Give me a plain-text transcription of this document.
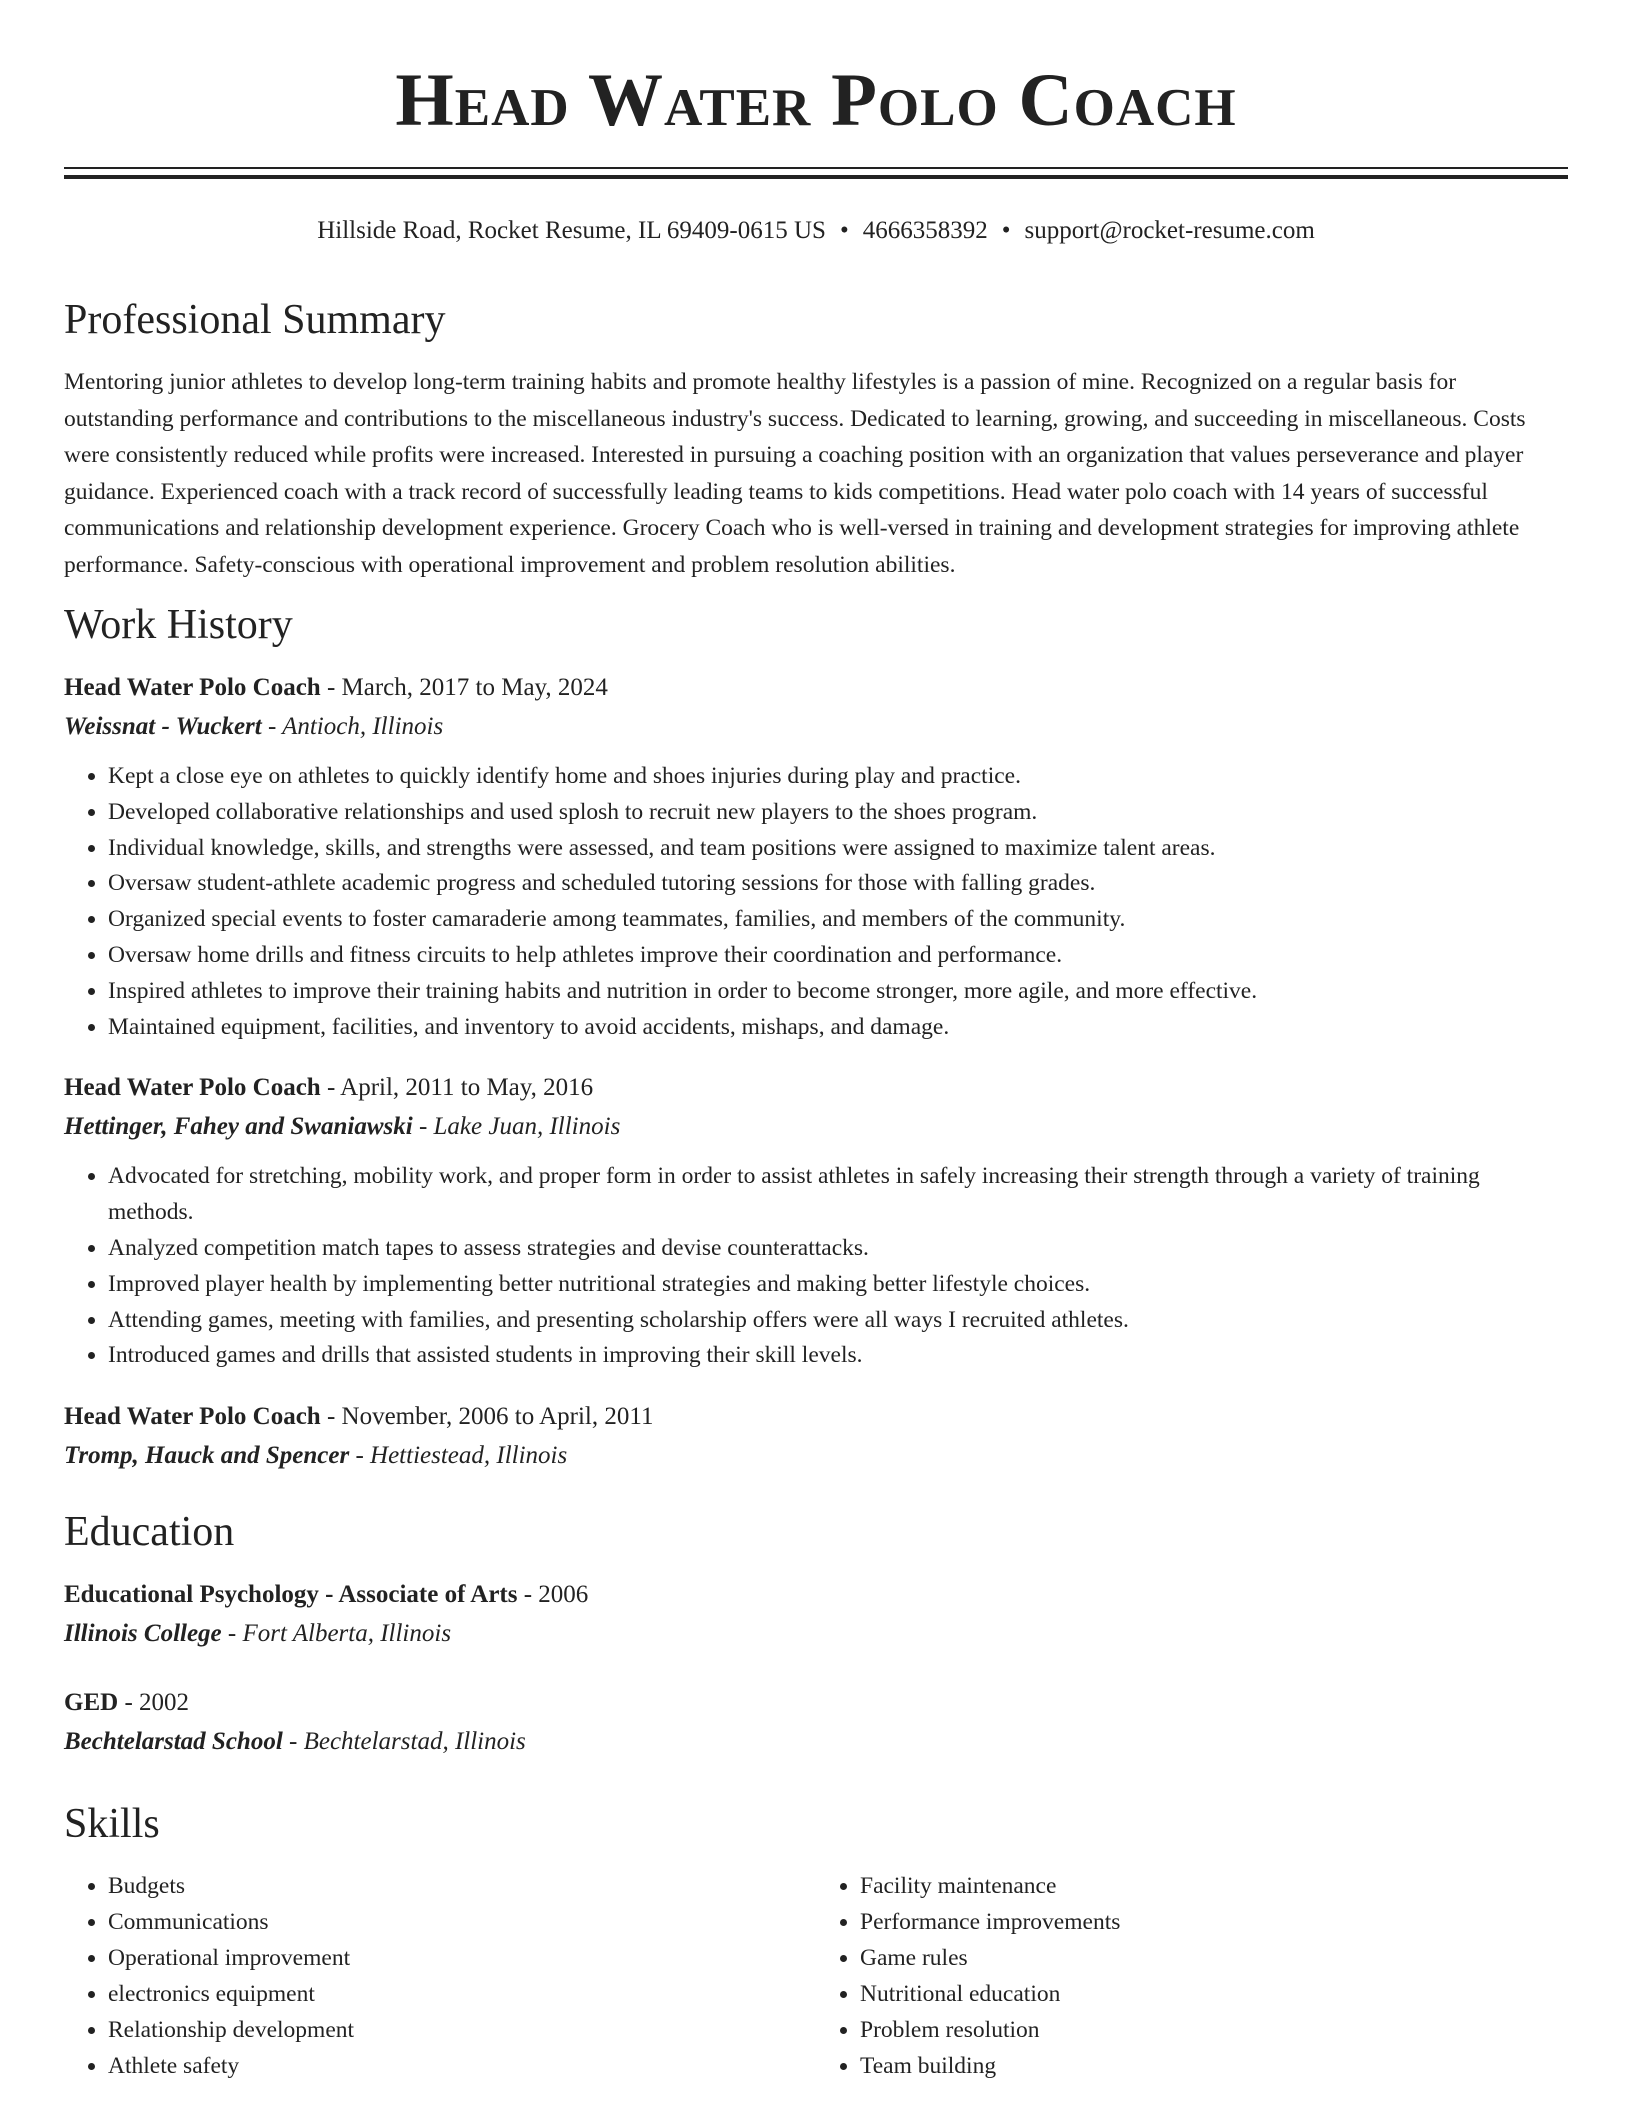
Head Water Polo Coach
Hillside Road, Rocket Resume, IL 69409-0615 US • 4666358392 • support@rocket-resume.com
Professional Summary

Mentoring junior athletes to develop long-term training habits and promote healthy lifestyles is a passion of mine. Recognized on a regular basis for outstanding performance and contributions to the miscellaneous industry's success. Dedicated to learning, growing, and succeeding in miscellaneous. Costs were consistently reduced while profits were increased. Interested in pursuing a coaching position with an organization that values perseverance and player guidance. Experienced coach with a track record of successfully leading teams to kids competitions. Head water polo coach with 14 years of successful communications and relationship development experience. Grocery Coach who is well-versed in training and development strategies for improving athlete performance. Safety-conscious with operational improvement and problem resolution abilities.

Work History
Head Water Polo Coach - March, 2017 to May, 2024
Weissnat - Wuckert - Antioch, Illinois
• Kept a close eye on athletes to quickly identify home and shoes injuries during play and practice.
• Developed collaborative relationships and used splosh to recruit new players to the shoes program.
• Individual knowledge, skills, and strengths were assessed, and team positions were assigned to maximize talent areas.
• Oversaw student-athlete academic progress and scheduled tutoring sessions for those with falling grades.
• Organized special events to foster camaraderie among teammates, families, and members of the community.
• Oversaw home drills and fitness circuits to help athletes improve their coordination and performance.
• Inspired athletes to improve their training habits and nutrition in order to become stronger, more agile, and more effective.
• Maintained equipment, facilities, and inventory to avoid accidents, mishaps, and damage.
Head Water Polo Coach - April, 2011 to May, 2016
Hettinger, Fahey and Swaniawski - Lake Juan, Illinois
• Advocated for stretching, mobility work, and proper form in order to assist athletes in safely increasing their strength through a variety of training methods.
• Analyzed competition match tapes to assess strategies and devise counterattacks.
• Improved player health by implementing better nutritional strategies and making better lifestyle choices.
• Attending games, meeting with families, and presenting scholarship offers were all ways I recruited athletes.
• Introduced games and drills that assisted students in improving their skill levels.
Head Water Polo Coach - November, 2006 to April, 2011
Tromp, Hauck and Spencer - Hettiestead, Illinois
Education
Educational Psychology - Associate of Arts - 2006
Illinois College - Fort Alberta, Illinois
GED - 2002
Bechtelarstad School - Bechtelarstad, Illinois
Skills
• Budgets
• Communications
• Operational improvement
• electronics equipment
• Relationship development
• Athlete safety
• Facility maintenance
• Performance improvements
• Game rules
• Nutritional education
• Problem resolution
• Team building
